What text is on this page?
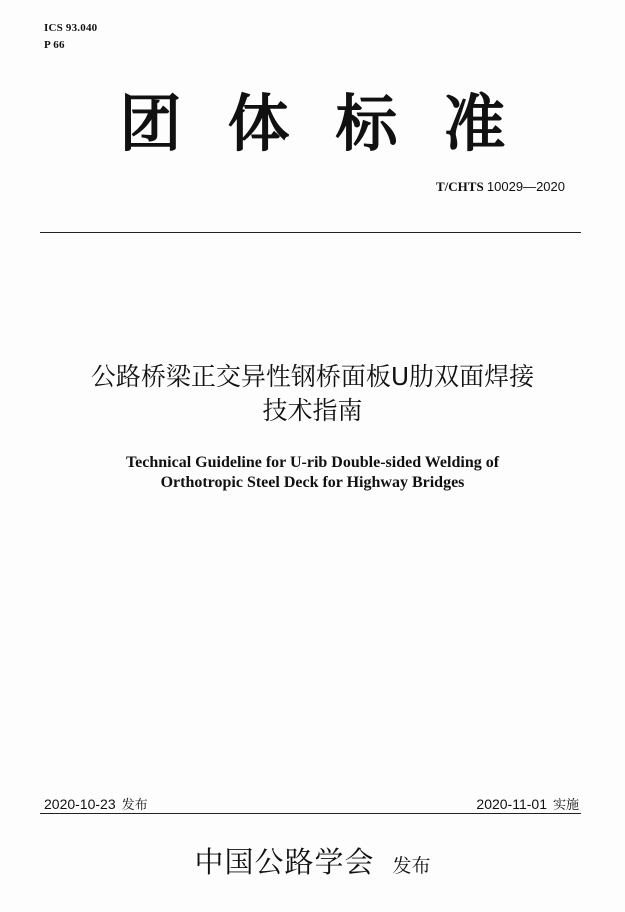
ICS 93.040
P 66
团 体 标 准
T/CHTS 10029—2020
公路桥梁正交异性钢桥面板U肋双面焊接
技术指南
Technical Guideline for U-rib Double-sided Welding of
Orthotropic Steel Deck for Highway Bridges
2020-10-23 发布	2020-11-01 实施
中国公路学会 发布
